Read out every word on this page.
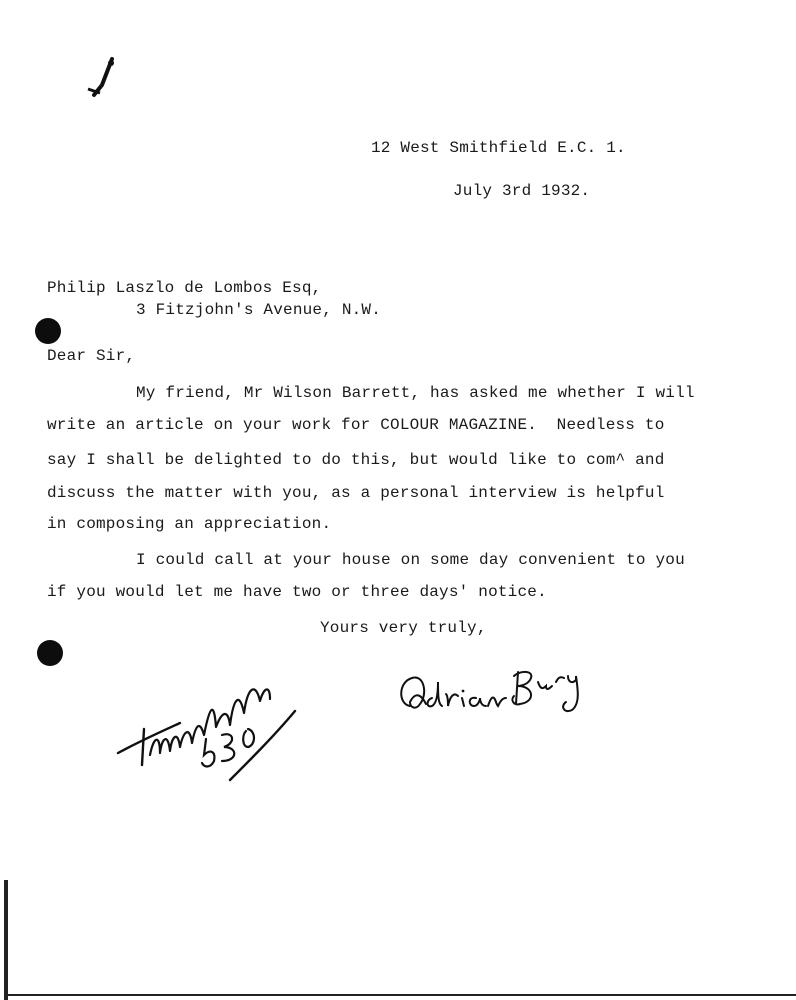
12 West Smithfield E.C. 1.
July 3rd 1932.
Philip Laszlo de Lombos Esq,
3 Fitzjohn's Avenue, N.W.
Dear Sir,
My friend, Mr Wilson Barrett, has asked me whether I will
write an article on your work for COLOUR MAGAZINE.  Needless to
say I shall be delighted to do this, but would like to com^ and
discuss the matter with you, as a personal interview is helpful
in composing an appreciation.
I could call at your house on some day convenient to you
if you would let me have two or three days' notice.
Yours very truly,
